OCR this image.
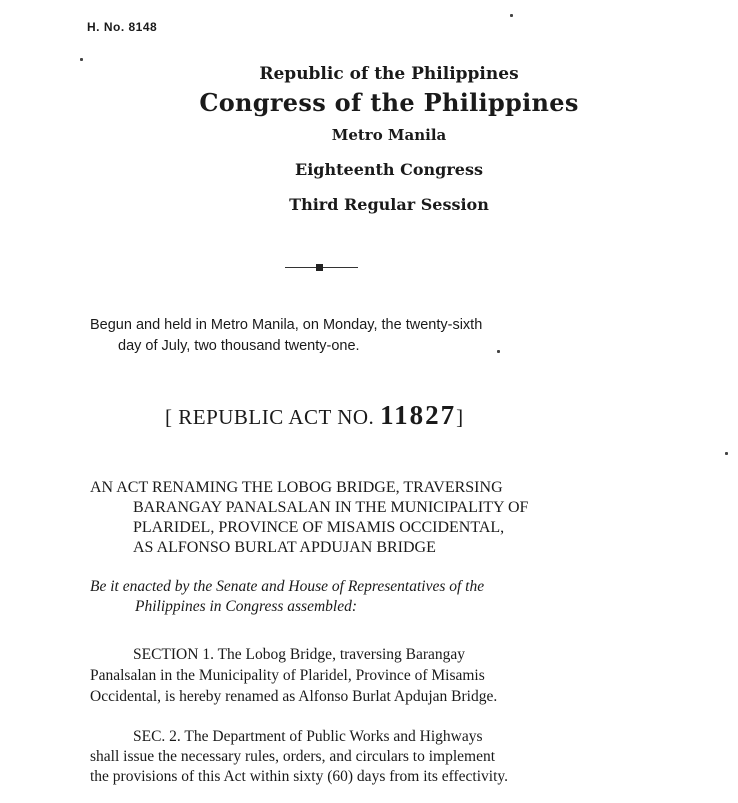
H. No. 8148
Republic of the Philippines
Congress of the Philippines
Metro Manila
Eighteenth Congress
Third Regular Session
Begun and held in Metro Manila, on Monday, the twenty-sixth
day of July, two thousand twenty-one.
[ REPUBLIC ACT NO. 11827]
AN ACT RENAMING THE LOBOG BRIDGE, TRAVERSING
BARANGAY PANALSALAN IN THE MUNICIPALITY OF
PLARIDEL, PROVINCE OF MISAMIS OCCIDENTAL,
AS ALFONSO BURLAT APDUJAN BRIDGE
Be it enacted by the Senate and House of Representatives of the
Philippines in Congress assembled:
SECTION 1. The Lobog Bridge, traversing Barangay
Panalsalan in the Municipality of Plaridel, Province of Misamis
Occidental, is hereby renamed as Alfonso Burlat Apdujan Bridge.
SEC. 2. The Department of Public Works and Highways
shall issue the necessary rules, orders, and circulars to implement
the provisions of this Act within sixty (60) days from its effectivity.
